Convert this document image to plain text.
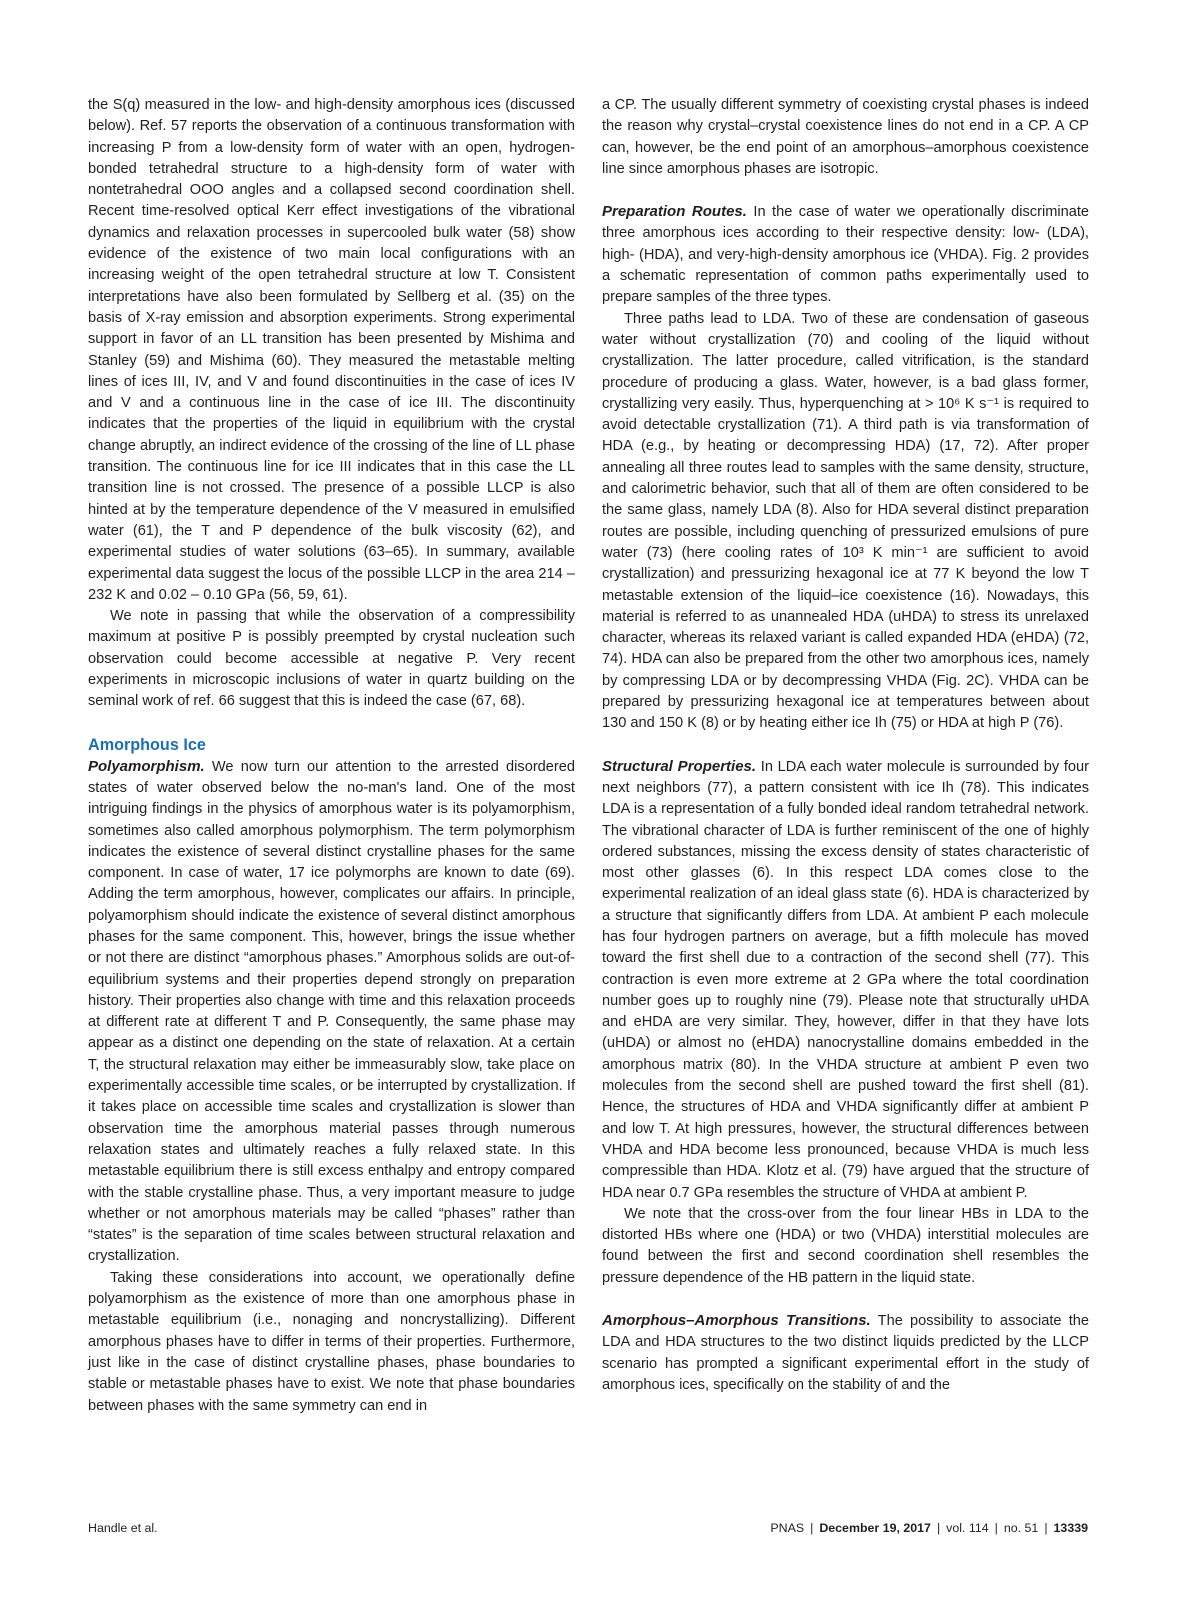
the S(q) measured in the low- and high-density amorphous ices (discussed below). Ref. 57 reports the observation of a continuous transformation with increasing P from a low-density form of water with an open, hydrogen-bonded tetrahedral structure to a high-density form of water with nontetrahedral OOO angles and a collapsed second coordination shell. Recent time-resolved optical Kerr effect investigations of the vibrational dynamics and relaxation processes in supercooled bulk water (58) show evidence of the existence of two main local configurations with an increasing weight of the open tetrahedral structure at low T. Consistent interpretations have also been formulated by Sellberg et al. (35) on the basis of X-ray emission and absorption experiments. Strong experimental support in favor of an LL transition has been presented by Mishima and Stanley (59) and Mishima (60). They measured the metastable melting lines of ices III, IV, and V and found discontinuities in the case of ices IV and V and a continuous line in the case of ice III. The discontinuity indicates that the properties of the liquid in equilibrium with the crystal change abruptly, an indirect evidence of the crossing of the line of LL phase transition. The continuous line for ice III indicates that in this case the LL transition line is not crossed. The presence of a possible LLCP is also hinted at by the temperature dependence of the V measured in emulsified water (61), the T and P dependence of the bulk viscosity (62), and experimental studies of water solutions (63–65). In summary, available experimental data suggest the locus of the possible LLCP in the area 214 – 232 K and 0.02 – 0.10 GPa (56, 59, 61).

We note in passing that while the observation of a compressibility maximum at positive P is possibly preempted by crystal nucleation such observation could become accessible at negative P. Very recent experiments in microscopic inclusions of water in quartz building on the seminal work of ref. 66 suggest that this is indeed the case (67, 68).

Amorphous Ice

Polyamorphism. We now turn our attention to the arrested disordered states of water observed below the no-man's land. One of the most intriguing findings in the physics of amorphous water is its polyamorphism, sometimes also called amorphous polymorphism. The term polymorphism indicates the existence of several distinct crystalline phases for the same component. In case of water, 17 ice polymorphs are known to date (69). Adding the term amorphous, however, complicates our affairs. In principle, polyamorphism should indicate the existence of several distinct amorphous phases for the same component. This, however, brings the issue whether or not there are distinct “amorphous phases.” Amorphous solids are out-of-equilibrium systems and their properties depend strongly on preparation history. Their properties also change with time and this relaxation proceeds at different rate at different T and P. Consequently, the same phase may appear as a distinct one depending on the state of relaxation. At a certain T, the structural relaxation may either be immeasurably slow, take place on experimentally accessible time scales, or be interrupted by crystallization. If it takes place on accessible time scales and crystallization is slower than observation time the amorphous material passes through numerous relaxation states and ultimately reaches a fully relaxed state. In this metastable equilibrium there is still excess enthalpy and entropy compared with the stable crystalline phase. Thus, a very important measure to judge whether or not amorphous materials may be called “phases” rather than “states” is the separation of time scales between structural relaxation and crystallization.

Taking these considerations into account, we operationally define polyamorphism as the existence of more than one amorphous phase in metastable equilibrium (i.e., nonaging and noncrystallizing). Different amorphous phases have to differ in terms of their properties. Furthermore, just like in the case of distinct crystalline phases, phase boundaries to stable or metastable phases have to exist. We note that phase boundaries between phases with the same symmetry can end in

a CP. The usually different symmetry of coexisting crystal phases is indeed the reason why crystal–crystal coexistence lines do not end in a CP. A CP can, however, be the end point of an amorphous–amorphous coexistence line since amorphous phases are isotropic.

Preparation Routes. In the case of water we operationally discriminate three amorphous ices according to their respective density: low- (LDA), high- (HDA), and very-high-density amorphous ice (VHDA). Fig. 2 provides a schematic representation of common paths experimentally used to prepare samples of the three types.

Three paths lead to LDA. Two of these are condensation of gaseous water without crystallization (70) and cooling of the liquid without crystallization. The latter procedure, called vitrification, is the standard procedure of producing a glass. Water, however, is a bad glass former, crystallizing very easily. Thus, hyperquenching at > 10⁶ K s⁻¹ is required to avoid detectable crystallization (71). A third path is via transformation of HDA (e.g., by heating or decompressing HDA) (17, 72). After proper annealing all three routes lead to samples with the same density, structure, and calorimetric behavior, such that all of them are often considered to be the same glass, namely LDA (8). Also for HDA several distinct preparation routes are possible, including quenching of pressurized emulsions of pure water (73) (here cooling rates of 10³ K min⁻¹ are sufficient to avoid crystallization) and pressurizing hexagonal ice at 77 K beyond the low T metastable extension of the liquid–ice coexistence (16). Nowadays, this material is referred to as unannealed HDA (uHDA) to stress its unrelaxed character, whereas its relaxed variant is called expanded HDA (eHDA) (72, 74). HDA can also be prepared from the other two amorphous ices, namely by compressing LDA or by decompressing VHDA (Fig. 2C). VHDA can be prepared by pressurizing hexagonal ice at temperatures between about 130 and 150 K (8) or by heating either ice Ih (75) or HDA at high P (76).

Structural Properties. In LDA each water molecule is surrounded by four next neighbors (77), a pattern consistent with ice Ih (78). This indicates LDA is a representation of a fully bonded ideal random tetrahedral network. The vibrational character of LDA is further reminiscent of the one of highly ordered substances, missing the excess density of states characteristic of most other glasses (6). In this respect LDA comes close to the experimental realization of an ideal glass state (6). HDA is characterized by a structure that significantly differs from LDA. At ambient P each molecule has four hydrogen partners on average, but a fifth molecule has moved toward the first shell due to a contraction of the second shell (77). This contraction is even more extreme at 2 GPa where the total coordination number goes up to roughly nine (79). Please note that structurally uHDA and eHDA are very similar. They, however, differ in that they have lots (uHDA) or almost no (eHDA) nanocrystalline domains embedded in the amorphous matrix (80). In the VHDA structure at ambient P even two molecules from the second shell are pushed toward the first shell (81). Hence, the structures of HDA and VHDA significantly differ at ambient P and low T. At high pressures, however, the structural differences between VHDA and HDA become less pronounced, because VHDA is much less compressible than HDA. Klotz et al. (79) have argued that the structure of HDA near 0.7 GPa resembles the structure of VHDA at ambient P.

We note that the cross-over from the four linear HBs in LDA to the distorted HBs where one (HDA) or two (VHDA) interstitial molecules are found between the first and second coordination shell resembles the pressure dependence of the HB pattern in the liquid state.

Amorphous–Amorphous Transitions. The possibility to associate the LDA and HDA structures to the two distinct liquids predicted by the LLCP scenario has prompted a significant experimental effort in the study of amorphous ices, specifically on the stability of and the

Handle et al.	PNAS | December 19, 2017 | vol. 114 | no. 51 | 13339
